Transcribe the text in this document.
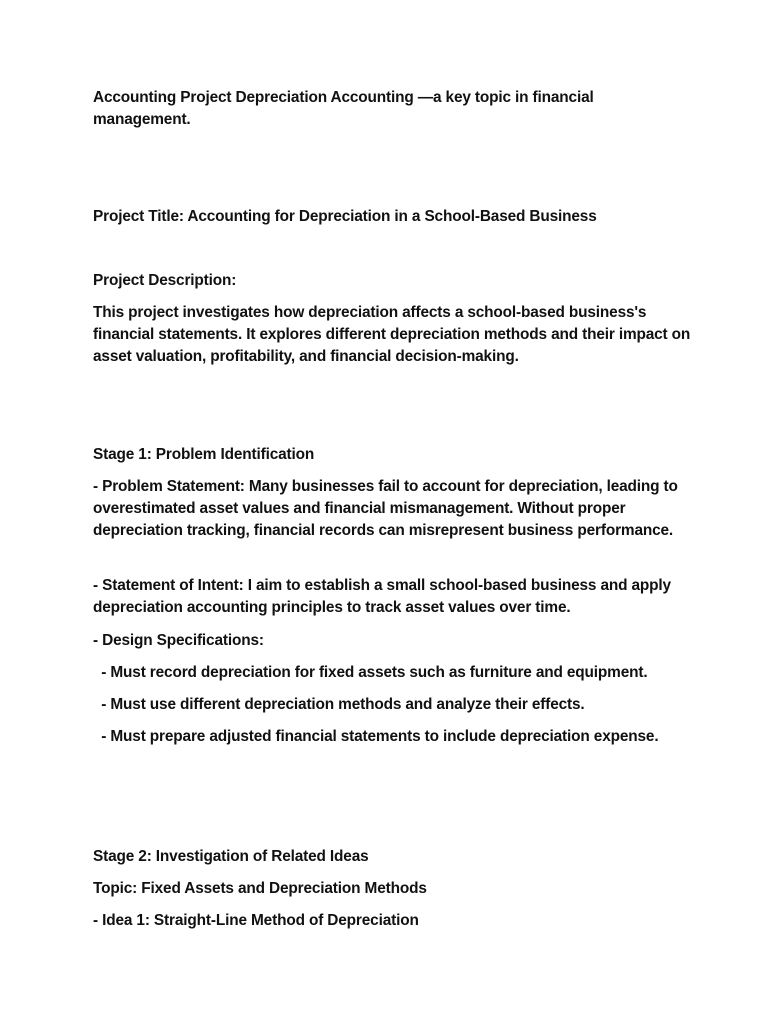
Accounting Project Depreciation Accounting —a key topic in financial management.

Project Title: Accounting for Depreciation in a School-Based Business

Project Description:

This project investigates how depreciation affects a school-based business's financial statements. It explores different depreciation methods and their impact on asset valuation, profitability, and financial decision-making.

Stage 1: Problem Identification

- Problem Statement: Many businesses fail to account for depreciation, leading to overestimated asset values and financial mismanagement. Without proper depreciation tracking, financial records can misrepresent business performance.

- Statement of Intent: I aim to establish a small school-based business and apply depreciation accounting principles to track asset values over time.

- Design Specifications:

- Must record depreciation for fixed assets such as furniture and equipment.

- Must use different depreciation methods and analyze their effects.

- Must prepare adjusted financial statements to include depreciation expense.

Stage 2: Investigation of Related Ideas

Topic: Fixed Assets and Depreciation Methods

- Idea 1: Straight-Line Method of Depreciation
